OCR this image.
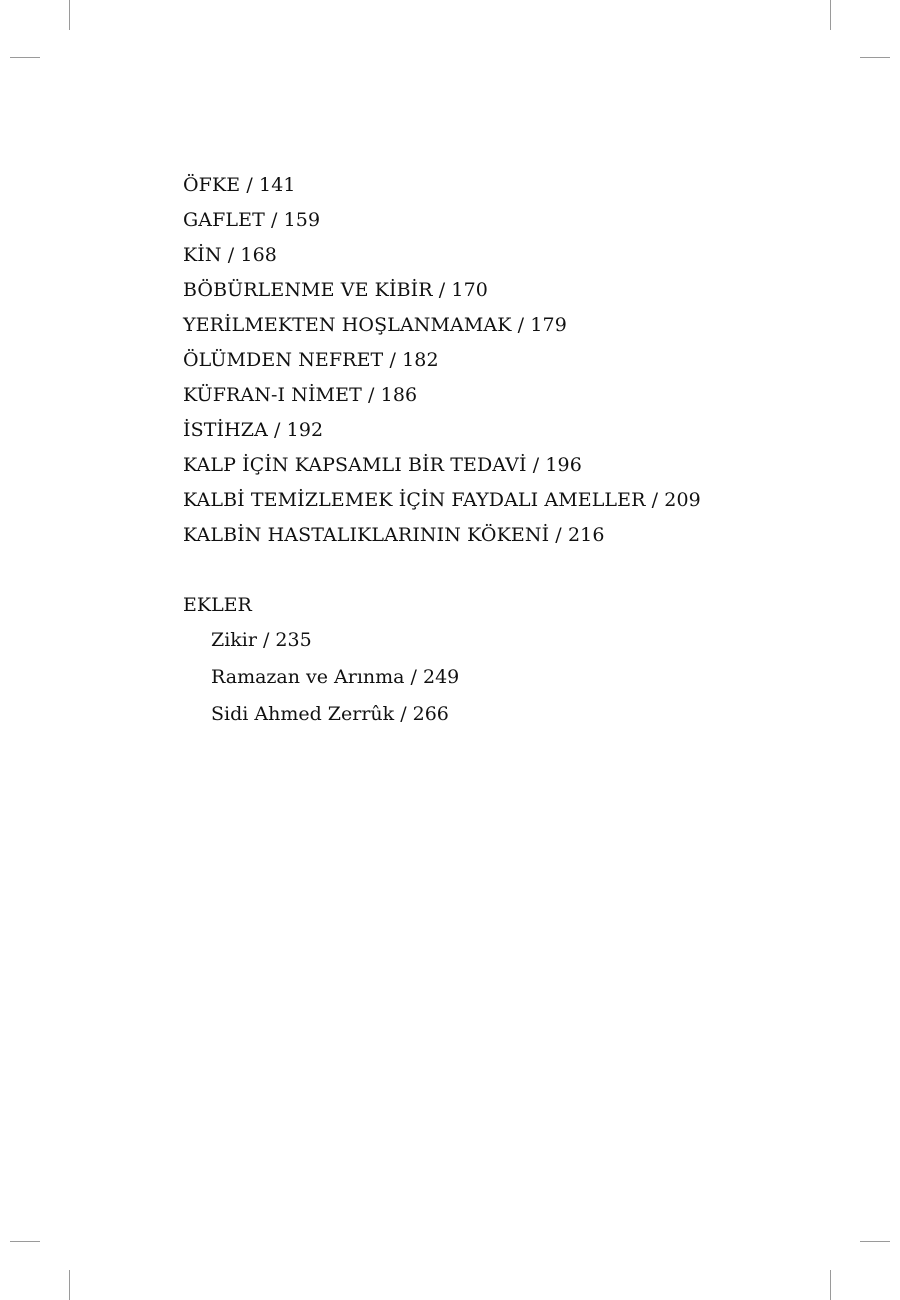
ÖFKE / 141
GAFLET / 159
KİN / 168
BÖBÜRLENME VE KİBİR / 170
YERİLMEKTEN HOŞLANMAMAK / 179
ÖLÜMDEN NEFRET / 182
KÜFRAN-I NİMET / 186
İSTİHZA / 192
KALP İÇİN KAPSAMLI BİR TEDAVİ / 196
KALBİ TEMİZLEMEK İÇİN FAYDALI AMELLER / 209
KALBİN HASTALIKLARININ KÖKENİ / 216
EKLER
Zikir / 235
Ramazan ve Arınma / 249
Sidi Ahmed Zerrûk / 266
